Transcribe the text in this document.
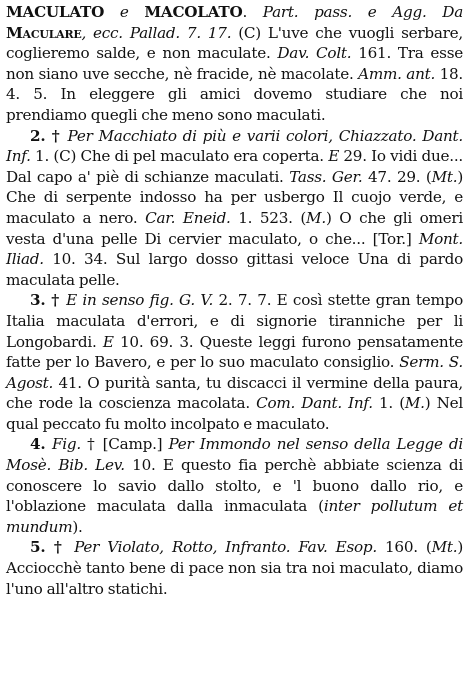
MACULATO e MACOLATO. Part. pass. e Agg. Da Maculare, ecc. Pallad. 7. 17. (C) L'uve che vuogli serbare, coglieremo salde, e non maculate. Dav. Colt. 161. Tra esse non siano uve secche, nè fracide, nè macolate. Amm. ant. 18. 4. 5. In eleggere gli amici dovemo studiare che noi prendiamo quegli che meno sono maculati.

2. † Per Macchiato di più e varii colori, Chiazzato. Dant. Inf. 1. (C) Che di pel maculato era coperta. E 29. Io vidi due... Dal capo a' piè di schianze maculati. Tass. Ger. 47. 29. (Mt.) Che di serpente indosso ha per usbergo Il cuojo verde, e maculato a nero. Car. Eneid. 1. 523. (M.) O che gli omeri vesta d'una pelle Di cervier maculato, o che... [Tor.] Mont. Iliad. 10. 34. Sul largo dosso gittasi veloce Una di pardo maculata pelle.

3. † E in senso fig. G. V. 2. 7. 7. E così stette gran tempo Italia maculata d'errori, e di signorie tiranniche per li Longobardi. E 10. 69. 3. Queste leggi furono pensatamente fatte per lo Bavero, e per lo suo maculato consiglio. Serm. S. Agost. 41. O purità santa, tu discacci il vermine della paura, che rode la coscienza macolata. Com. Dant. Inf. 1. (M.) Nel qual peccato fu molto incolpato e maculato.

4. Fig. † [Camp.] Per Immondo nel senso della Legge di Mosè. Bib. Lev. 10. E questo fia perchè abbiate scienza di conoscere lo savio dallo stolto, e 'l buono dallo rio, e l'oblazione maculata dalla inmaculata (inter pollutum et mundum).

5. † Per Violato, Rotto, Infranto. Fav. Esop. 160. (Mt.) Acciocchè tanto bene di pace non sia tra noi maculato, diamo l'uno all'altro statichi.
